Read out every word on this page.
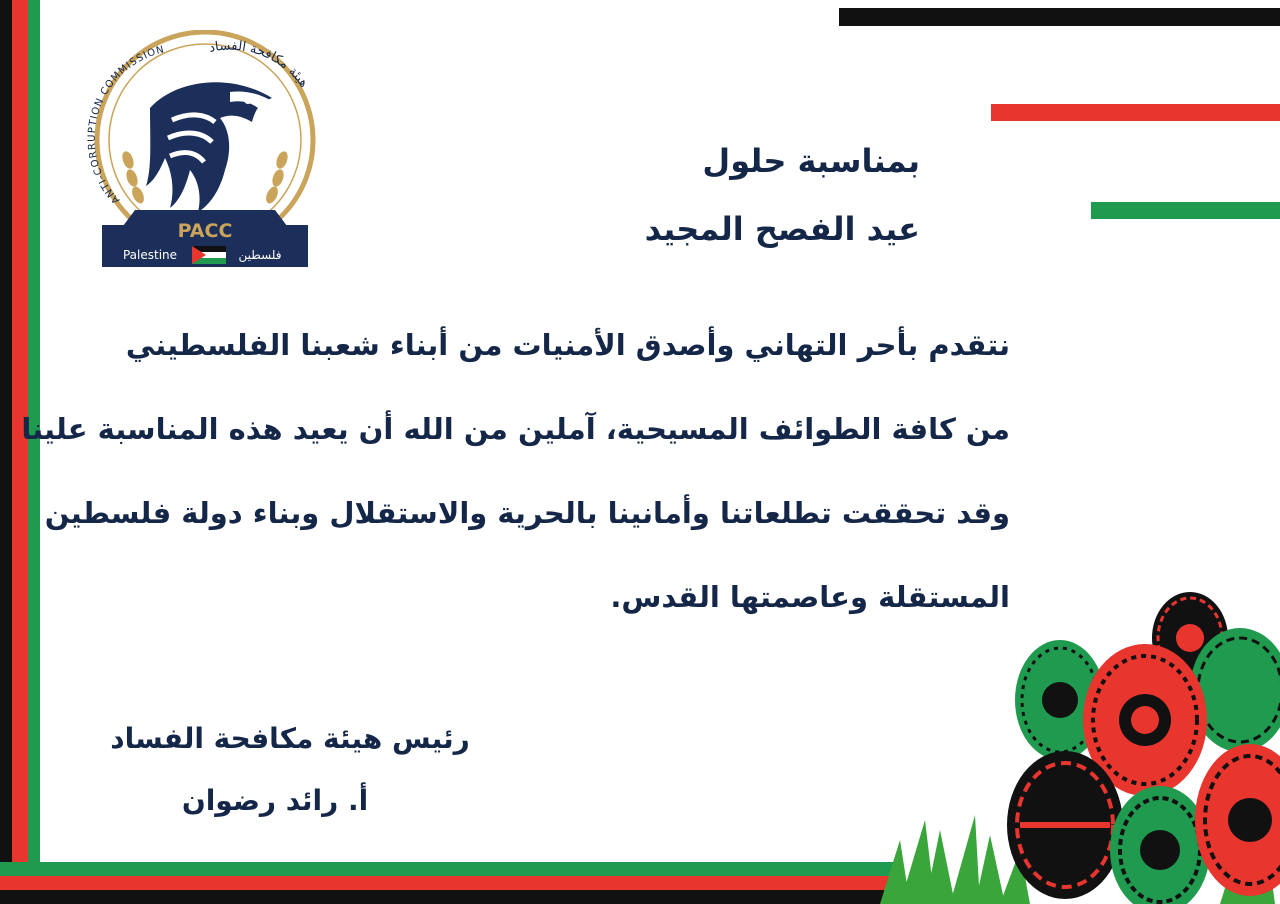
ANTI-CORRUPTION COMMISSION	هيئة مكافحة الفساد
PACC
Palestine	فلسطين
بمناسبة حلول
عيد الفصح المجيد
نتقدم بأحر التهاني وأصدق الأمنيات من أبناء شعبنا الفلسطيني
من كافة الطوائف المسيحية، آملين من الله أن يعيد هذه المناسبة علينا
وقد تحققت تطلعاتنا وأمانينا بالحرية والاستقلال وبناء دولة فلسطين
المستقلة وعاصمتها القدس.
رئيس هيئة مكافحة الفساد
أ. رائد رضوان
